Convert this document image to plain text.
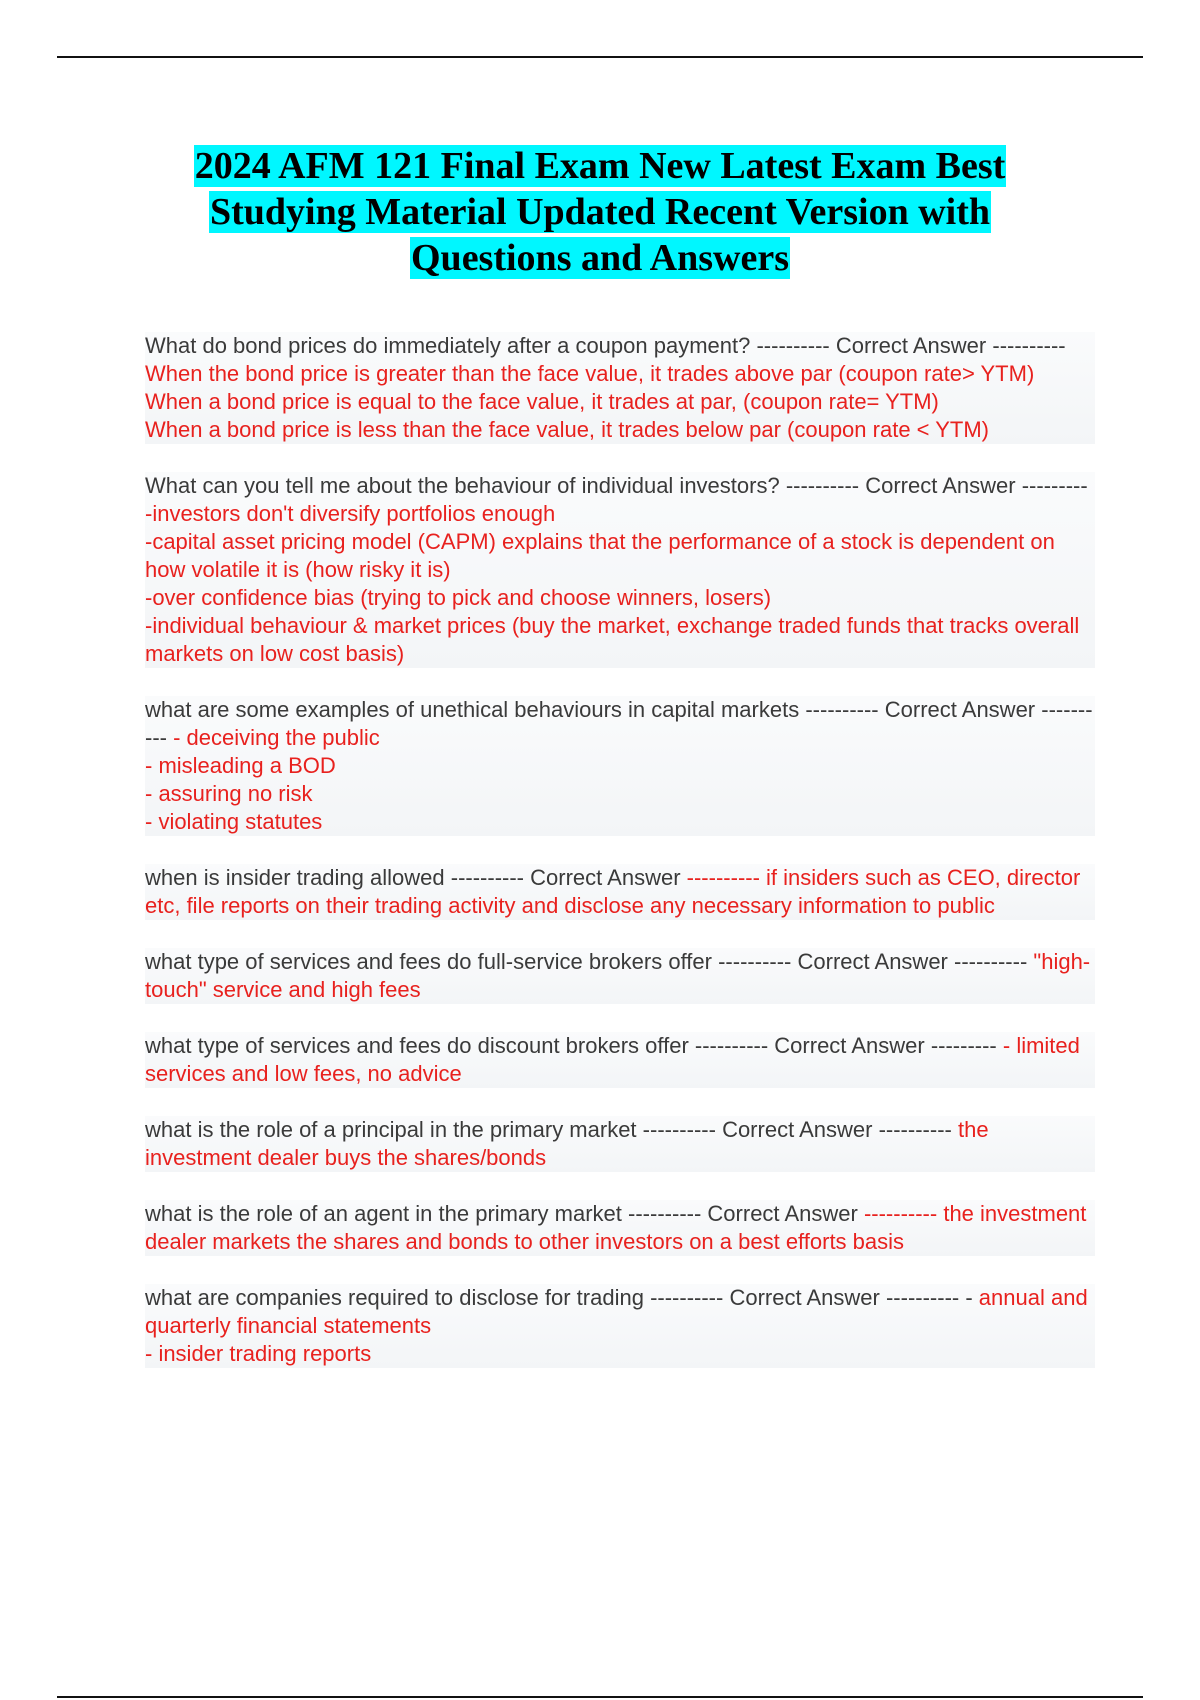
2024 AFM 121 Final Exam New Latest Exam Best
Studying Material Updated Recent Version with
Questions and Answers
What do bond prices do immediately after a coupon payment? ---------- Correct Answer ---------- When the bond price is greater than the face value, it trades above par (coupon rate> YTM)
When a bond price is equal to the face value, it trades at par, (coupon rate= YTM)
When a bond price is less than the face value, it trades below par (coupon rate < YTM)
What can you tell me about the behaviour of individual investors? ---------- Correct Answer --------- -investors don't diversify portfolios enough
-capital asset pricing model (CAPM) explains that the performance of a stock is dependent on how volatile it is (how risky it is)
-over confidence bias (trying to pick and choose winners, losers)
-individual behaviour & market prices (buy the market, exchange traded funds that tracks overall markets on low cost basis)
what are some examples of unethical behaviours in capital markets ---------- Correct Answer ---------- - deceiving the public
- misleading a BOD
- assuring no risk
- violating statutes
when is insider trading allowed ---------- Correct Answer ---------- if insiders such as CEO, director etc, file reports on their trading activity and disclose any necessary information to public
what type of services and fees do full-service brokers offer ---------- Correct Answer ---------- "high-touch" service and high fees
what type of services and fees do discount brokers offer ---------- Correct Answer --------- - limited services and low fees, no advice
what is the role of a principal in the primary market ---------- Correct Answer ---------- the investment dealer buys the shares/bonds
what is the role of an agent in the primary market ---------- Correct Answer ---------- the investment dealer markets the shares and bonds to other investors on a best efforts basis
what are companies required to disclose for trading ---------- Correct Answer ---------- - annual and quarterly financial statements
- insider trading reports
